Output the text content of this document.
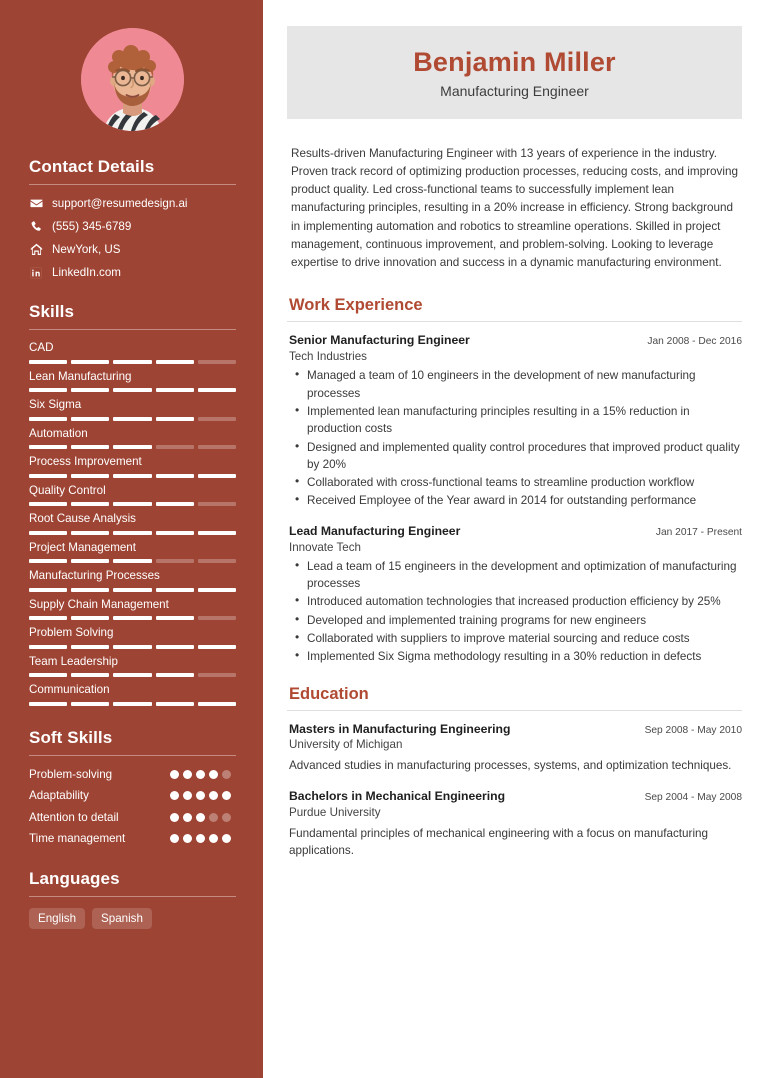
Contact Details
support@resumedesign.ai
(555) 345-6789
NewYork, US
LinkedIn.com
Skills
CAD
Lean Manufacturing
Six Sigma
Automation
Process Improvement
Quality Control
Root Cause Analysis
Project Management
Manufacturing Processes
Supply Chain Management
Problem Solving
Team Leadership
Communication
Soft Skills
Problem-solving
Adaptability
Attention to detail
Time management
Languages
English	Spanish
Benjamin Miller
Manufacturing Engineer

Results-driven Manufacturing Engineer with 13 years of experience in the industry. Proven track record of optimizing production processes, reducing costs, and improving product quality. Led cross-functional teams to successfully implement lean manufacturing principles, resulting in a 20% increase in efficiency. Strong background in implementing automation and robotics to streamline operations. Skilled in project management, continuous improvement, and problem-solving. Looking to leverage expertise to drive innovation and success in a dynamic manufacturing environment.

Work Experience
Senior Manufacturing Engineer	Jan 2008 - Dec 2016
Tech Industries
• Managed a team of 10 engineers in the development of new manufacturing processes
• Implemented lean manufacturing principles resulting in a 15% reduction in production costs
• Designed and implemented quality control procedures that improved product quality by 20%
• Collaborated with cross-functional teams to streamline production workflow
• Received Employee of the Year award in 2014 for outstanding performance
Lead Manufacturing Engineer	Jan 2017 - Present
Innovate Tech
• Lead a team of 15 engineers in the development and optimization of manufacturing processes
• Introduced automation technologies that increased production efficiency by 25%
• Developed and implemented training programs for new engineers
• Collaborated with suppliers to improve material sourcing and reduce costs
• Implemented Six Sigma methodology resulting in a 30% reduction in defects
Education
Masters in Manufacturing Engineering	Sep 2008 - May 2010
University of Michigan
Advanced studies in manufacturing processes, systems, and optimization techniques.
Bachelors in Mechanical Engineering	Sep 2004 - May 2008
Purdue University
Fundamental principles of mechanical engineering with a focus on manufacturing applications.
